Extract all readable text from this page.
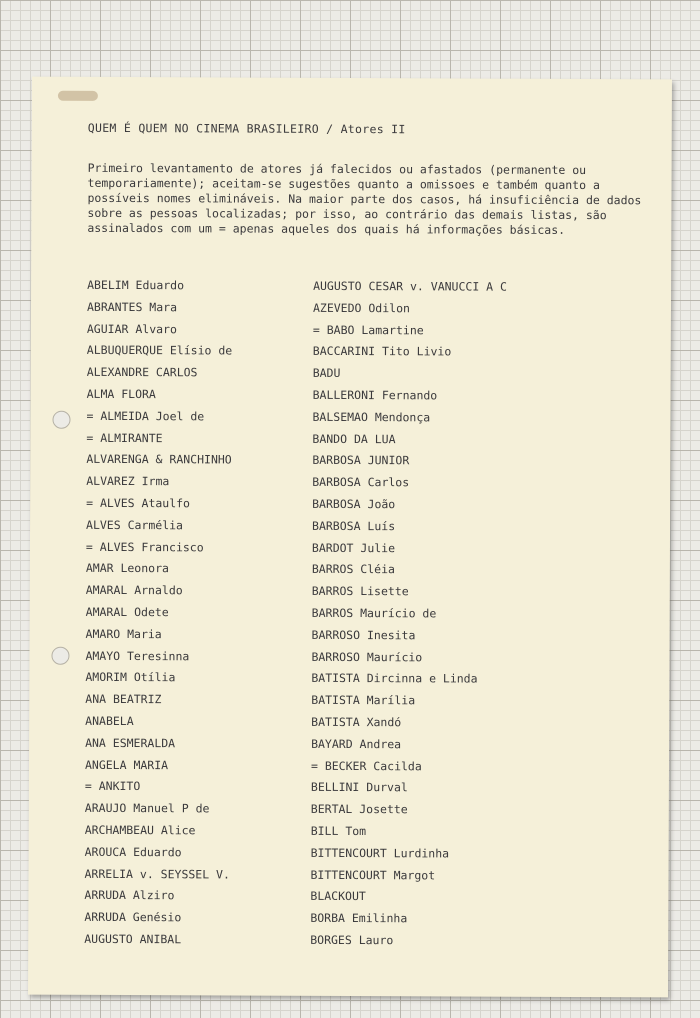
QUEM É QUEM NO CINEMA BRASILEIRO / Atores II

Primeiro levantamento de atores já falecidos ou afastados (permanente ou temporariamente); aceitam-se sugestões quanto a omissoes e também quanto a possíveis nomes elimináveis. Na maior parte dos casos, há insuficiência de dados sobre as pessoas localizadas; por isso, ao contrário das demais listas, são assinalados com um = apenas aqueles dos quais há informações básicas.

ABELIM Eduardo
ABRANTES Mara
AGUIAR Alvaro
ALBUQUERQUE Elísio de
ALEXANDRE CARLOS
ALMA FLORA
= ALMEIDA Joel de
= ALMIRANTE
ALVARENGA & RANCHINHO
ALVAREZ Irma
= ALVES Ataulfo
ALVES Carmélia
= ALVES Francisco
AMAR Leonora
AMARAL Arnaldo
AMARAL Odete
AMARO Maria
AMAYO Teresinna
AMORIM Otília
ANA BEATRIZ
ANABELA
ANA ESMERALDA
ANGELA MARIA
= ANKITO
ARAUJO Manuel P de
ARCHAMBEAU Alice
AROUCA Eduardo
ARRELIA v. SEYSSEL V.
ARRUDA Alziro
ARRUDA Genésio
AUGUSTO ANIBAL
AUGUSTO CESAR v. VANUCCI A C
AZEVEDO Odilon
= BABO Lamartine
BACCARINI Tito Livio
BADU
BALLERONI Fernando
BALSEMAO Mendonça
BANDO DA LUA
BARBOSA JUNIOR
BARBOSA Carlos
BARBOSA João
BARBOSA Luís
BARDOT Julie
BARROS Cléia
BARROS Lisette
BARROS Maurício de
BARROSO Inesita
BARROSO Maurício
BATISTA Dircinna e Linda
BATISTA Marília
BATISTA Xandó
BAYARD Andrea
= BECKER Cacilda
BELLINI Durval
BERTAL Josette
BILL Tom
BITTENCOURT Lurdinha
BITTENCOURT Margot
BLACKOUT
BORBA Emilinha
BORGES Lauro
